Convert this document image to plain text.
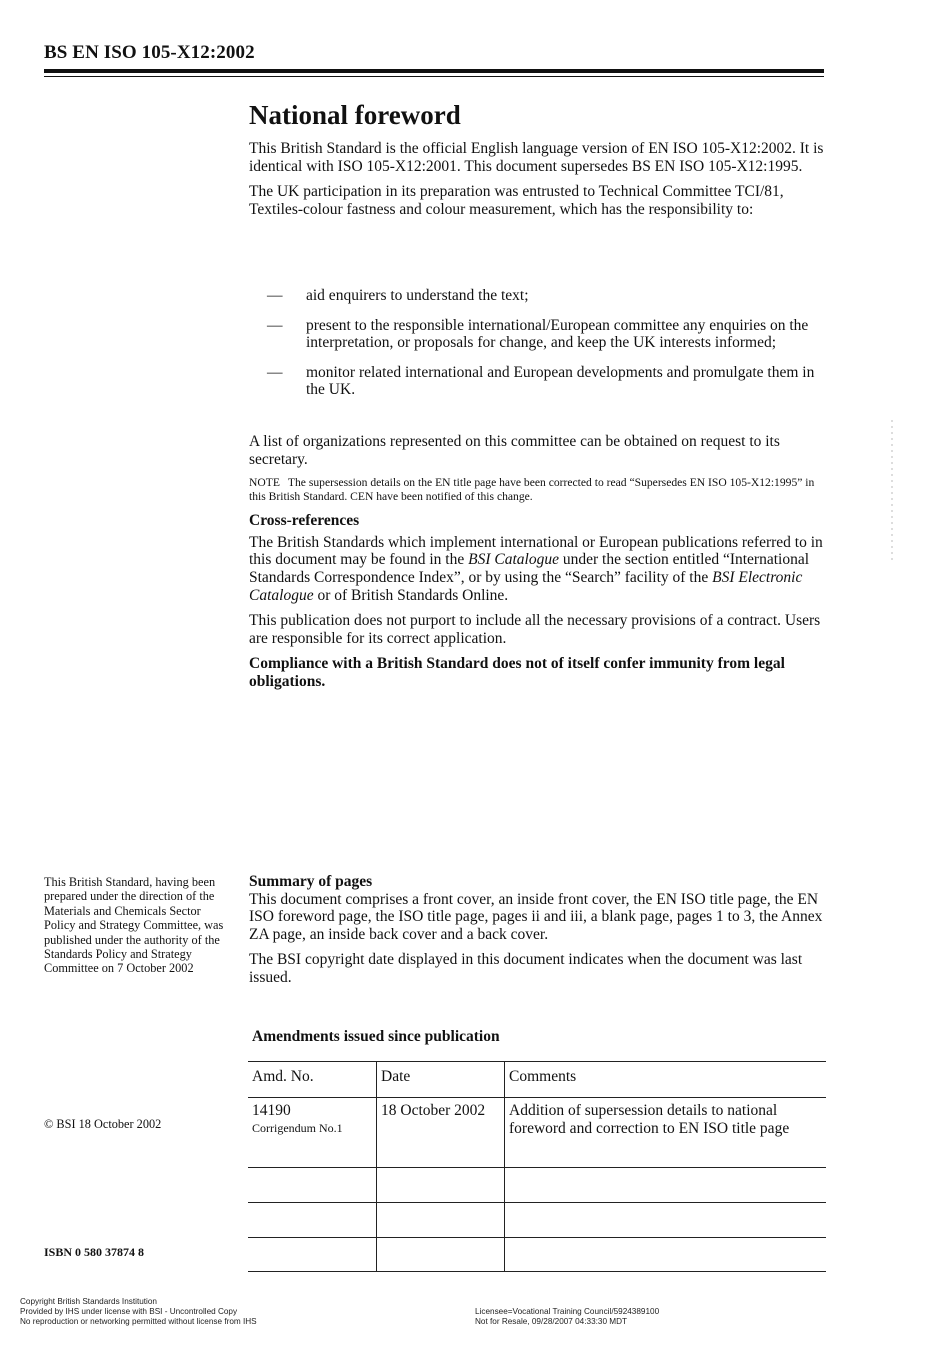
BS EN ISO 105-X12:2002
National foreword

This British Standard is the official English language version of EN ISO 105-X12:2002. It is identical with ISO 105-X12:2001. This document supersedes BS EN ISO 105-X12:1995.

The UK participation in its preparation was entrusted to Technical Committee TCI/81, Textiles-colour fastness and colour measurement, which has the responsibility to:

— aid enquirers to understand the text;
— present to the responsible international/European committee any enquiries on the interpretation, or proposals for change, and keep the UK interests informed;
— monitor related international and European developments and promulgate them in the UK.

A list of organizations represented on this committee can be obtained on request to its secretary.

NOTE The supersession details on the EN title page have been corrected to read “Supersedes EN ISO 105-X12:1995” in this British Standard. CEN have been notified of this change.

Cross-references

The British Standards which implement international or European publications referred to in this document may be found in the BSI Catalogue under the section entitled “International Standards Correspondence Index”, or by using the “Search” facility of the BSI Electronic Catalogue or of British Standards Online.

This publication does not purport to include all the necessary provisions of a contract. Users are responsible for its correct application.

Compliance with a British Standard does not of itself confer immunity from legal obligations.

This British Standard, having been prepared under the direction of the Materials and Chemicals Sector Policy and Strategy Committee, was published under the authority of the Standards Policy and Strategy Committee on 7 October 2002
Summary of pages

This document comprises a front cover, an inside front cover, the EN ISO title page, the EN ISO foreword page, the ISO title page, pages ii and iii, a blank page, pages 1 to 3, the Annex ZA page, an inside back cover and a back cover.

The BSI copyright date displayed in this document indicates when the document was last issued.

Amendments issued since publication
Amd. No.	Date	Comments

14190
Corrigendum No.1	18 October 2002	Addition of supersession details to national foreword and correction to EN ISO title page

© BSI 18 October 2002
ISBN 0 580 37874 8
Copyright British Standards Institution
Provided by IHS under license with BSI - Uncontrolled Copy
No reproduction or networking permitted without license from IHS
Licensee=Vocational Training Council/5924389100
Not for Resale, 09/28/2007 04:33:30 MDT
